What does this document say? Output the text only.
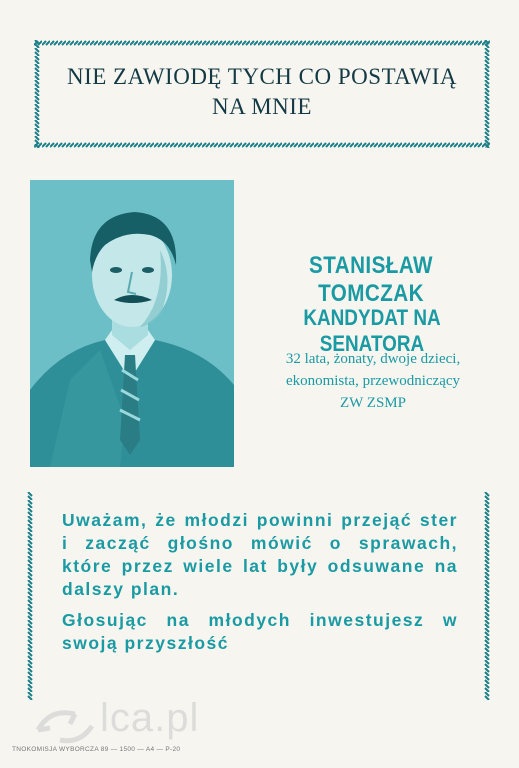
NIE ZAWIODĘ TYCH CO POSTAWIĄ
NA MNIE
STANISŁAW TOMCZAK
KANDYDAT NA SENATORA
32 lata, żonaty, dwoje dzieci,
ekonomista, przewodniczący
ZW ZSMP

Uważam, że młodzi powinni przejąć ster i zacząć głośno mówić o sprawach, które przez wiele lat były odsuwane na dalszy plan.

Głosując na młodych inwestujesz w swoją przyszłość

lca.pl
TNOKOMISJA WYBORCZA 89 — 1500 — A4 — P-20
